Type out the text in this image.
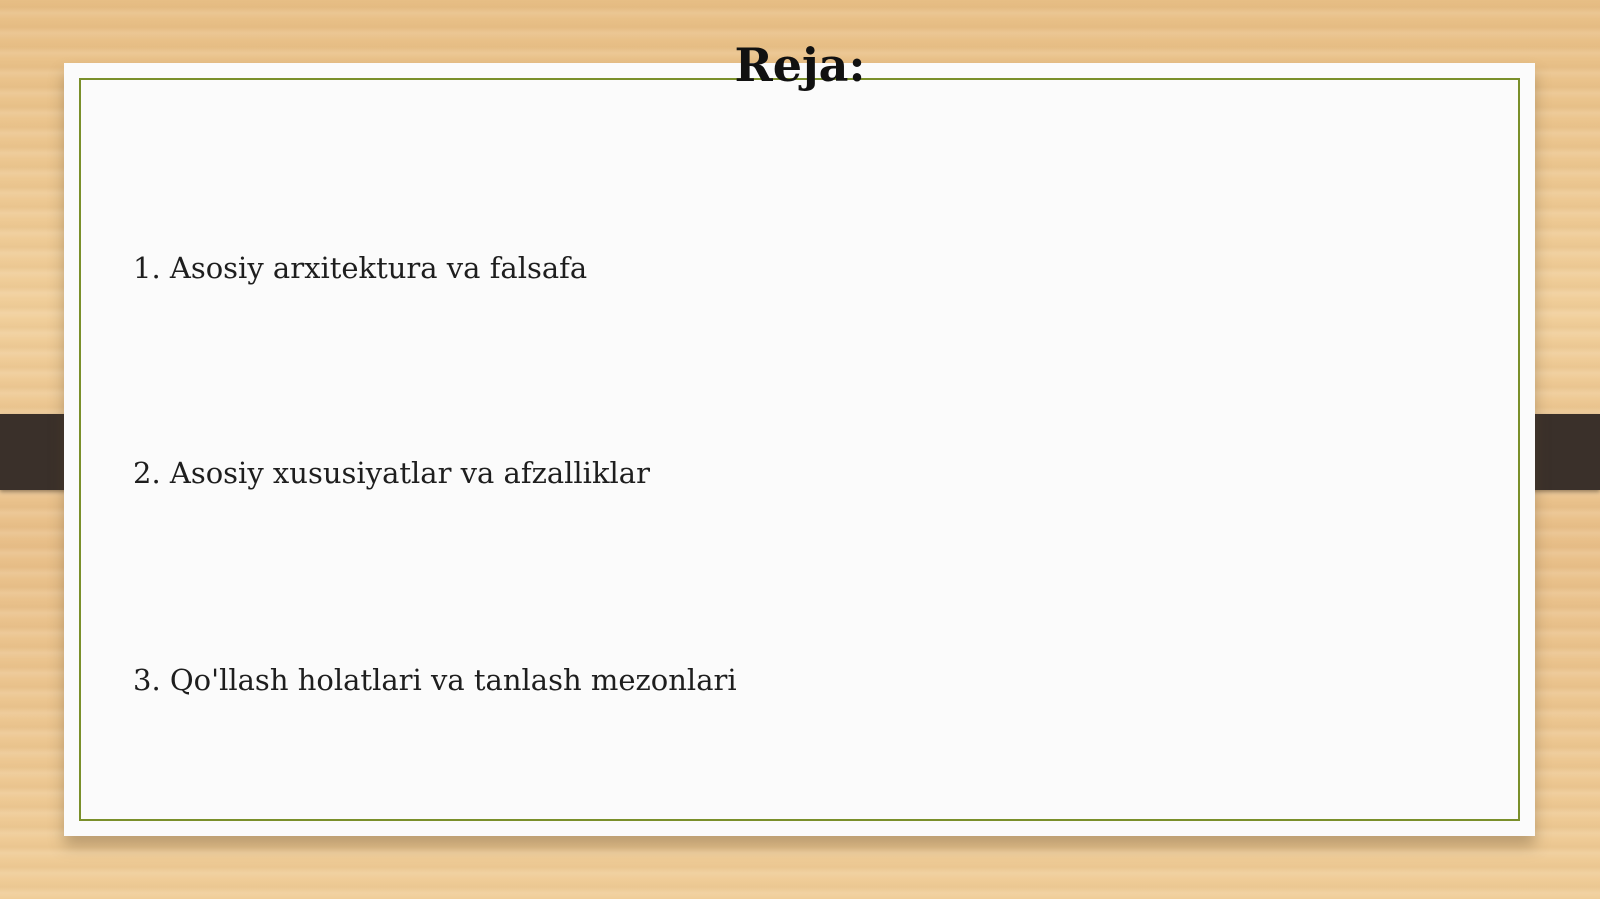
Reja:
1. Asosiy arxitektura va falsafa
2. Asosiy xususiyatlar va afzalliklar
3. Qo'llash holatlari va tanlash mezonlari
